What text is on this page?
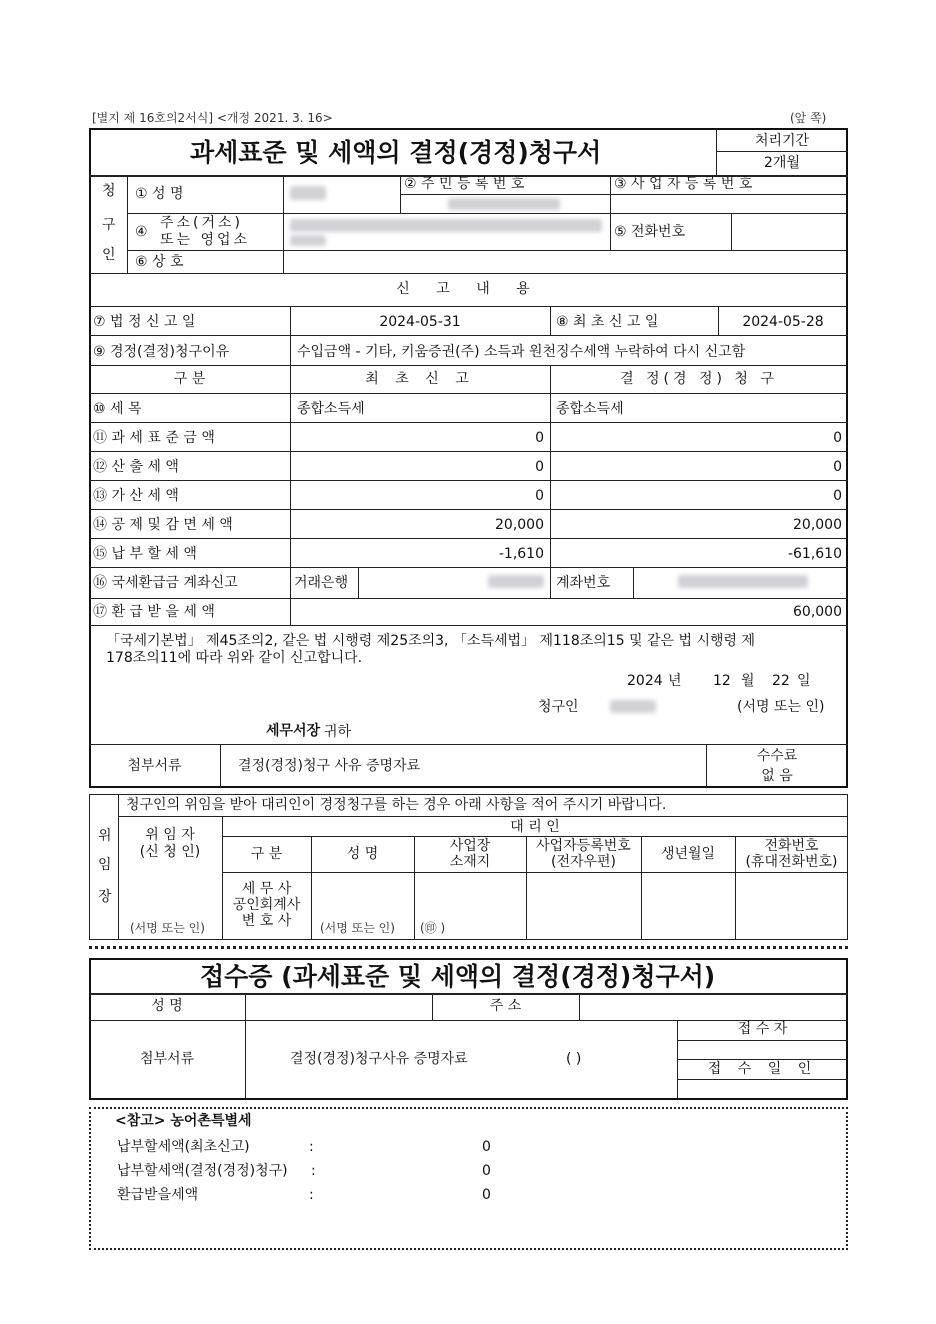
[별지 제 16호의2서식] <개정 2021. 3. 16>	(앞 쪽)
과세표준 및 세액의 결정(경정)청구서	처리기간
2개월
청
구
인
① 성 명
② 주 민 등 록 번 호	③ 사 업 자 등 록 번 호
④
주소(거소)
또는 영업소	⑤ 전화번호
⑥ 상 호
신 고 내 용
⑦ 법 정 신 고 일	2024-05-31	⑧ 최 초 신 고 일	2024-05-28
⑨ 경정(결정)청구이유	수입금액 - 기타, 키움증권(주) 소득과 원천징수세액 누락하여 다시 신고함
구 분	최 초 신 고	결 정(경 정) 청 구
⑩ 세 목	종합소득세	종합소득세
⑪ 과 세 표 준 금 액	0	0
⑫ 산 출 세 액	0	0
⑬ 가 산 세 액	0	0
⑭ 공 제 및 감 면 세 액	20,000	20,000
⑮ 납 부 할 세 액	-1,610	-61,610
⑯ 국세환급금 계좌신고	거래은행	계좌번호
⑰ 환 급 받 을 세 액	60,000
「국세기본법」 제45조의2, 같은 법 시행령 제25조의3, 「소득세법」 제118조의15 및 같은 법 시행령 제
178조의11에 따라 위와 같이 신고합니다.
2024 년 12 월 22 일
청구인	(서명 또는 인)
세무서장 귀하
첨부서류	결정(경정)청구 사유 증명자료
수수료
없 음
위
임
장
청구인의 위임을 받아 대리인이 경정청구를 하는 경우 아래 사항을 적어 주시기 바랍니다.
위 임 자
(신 청 인)
대 리 인
구 분	성 명	사업장
소재지
사업자등록번호
(전자우편)	생년월일	전화번호
(휴대전화번호)
세 무 사
공인회계사
변 호 사
(서명 또는 인)	(서명 또는 인) (㊞ )
접수증 (과세표준 및 세액의 결정(경정)청구서)
성 명	주 소
첨부서류	결정(경정)청구사유 증명자료	( )
접 수 자
접 수 일 인
<참고> 농어촌특별세
납부할세액(최초신고)	:	0
납부할세액(결정(경정)청구) :	0
환급받을세액	:	0
